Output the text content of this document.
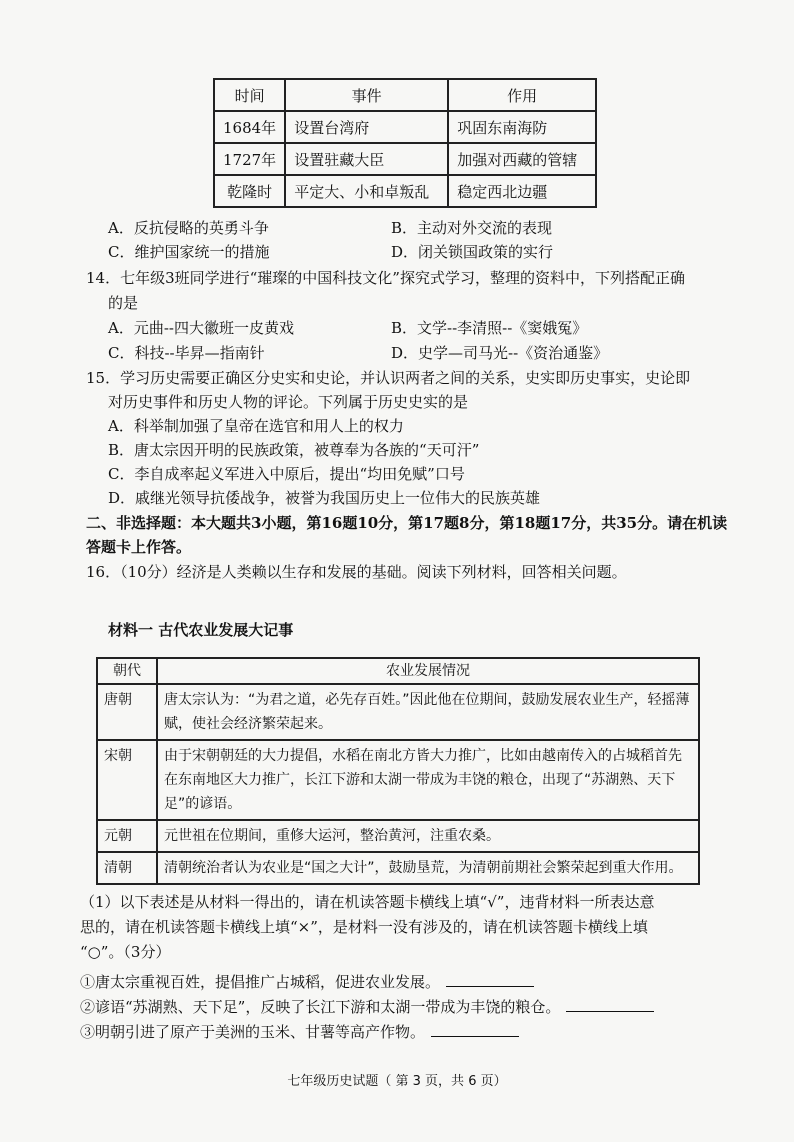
时间	事件	作用
1684年	设置台湾府	巩固东南海防
1727年	设置驻藏大臣	加强对西藏的管辖
乾隆时	平定大、小和卓叛乱	稳定西北边疆
A．反抗侵略的英勇斗争	B．主动对外交流的表现
C．维护国家统一的措施	D．闭关锁国政策的实行
14．七年级3班同学进行“璀璨的中国科技文化”探究式学习，整理的资料中，下列搭配正确
的是
A．元曲--四大徽班一皮黄戏	B．文学--李清照--《窦娥冤》
C．科技--毕昇—指南针	D．史学—司马光--《资治通鉴》
15．学习历史需要正确区分史实和史论，并认识两者之间的关系，史实即历史事实，史论即
对历史事件和历史人物的评论。下列属于历史史实的是
A．科举制加强了皇帝在选官和用人上的权力
B．唐太宗因开明的民族政策，被尊奉为各族的“天可汗”
C．李自成率起义军进入中原后，提出“均田免赋”口号
D．戚继光领导抗倭战争，被誉为我国历史上一位伟大的民族英雄
二、非选择题：本大题共3小题，第16题10分，第17题8分，第18题17分，共35分。请在机读
答题卡上作答。
16．（10分）经济是人类赖以生存和发展的基础。阅读下列材料，回答相关问题。
材料一 古代农业发展大记事
朝代	农业发展情况
唐朝	唐太宗认为：“为君之道，必先存百姓。”因此他在位期间，鼓励发展农业生产，轻摇薄赋，使社会经济繁荣起来。
宋朝	由于宋朝朝廷的大力提倡，水稻在南北方皆大力推广，比如由越南传入的占城稻首先在东南地区大力推广，长江下游和太湖一带成为丰饶的粮仓，出现了“苏湖熟、天下足”的谚语。
元朝	元世祖在位期间，重修大运河，整治黄河，注重农桑。
清朝	清朝统治者认为农业是“国之大计”，鼓励垦荒，为清朝前期社会繁荣起到重大作用。
（1）以下表述是从材料一得出的，请在机读答题卡横线上填“√”，违背材料一所表达意
思的，请在机读答题卡横线上填“×”，是材料一没有涉及的，请在机读答题卡横线上填
“○”。（3分）
①唐太宗重视百姓，提倡推广占城稻，促进农业发展。
②谚语“苏湖熟、天下足”，反映了长江下游和太湖一带成为丰饶的粮仓。
③明朝引进了原产于美洲的玉米、甘薯等高产作物。
七年级历史试题（ 第 3 页，共 6 页）
